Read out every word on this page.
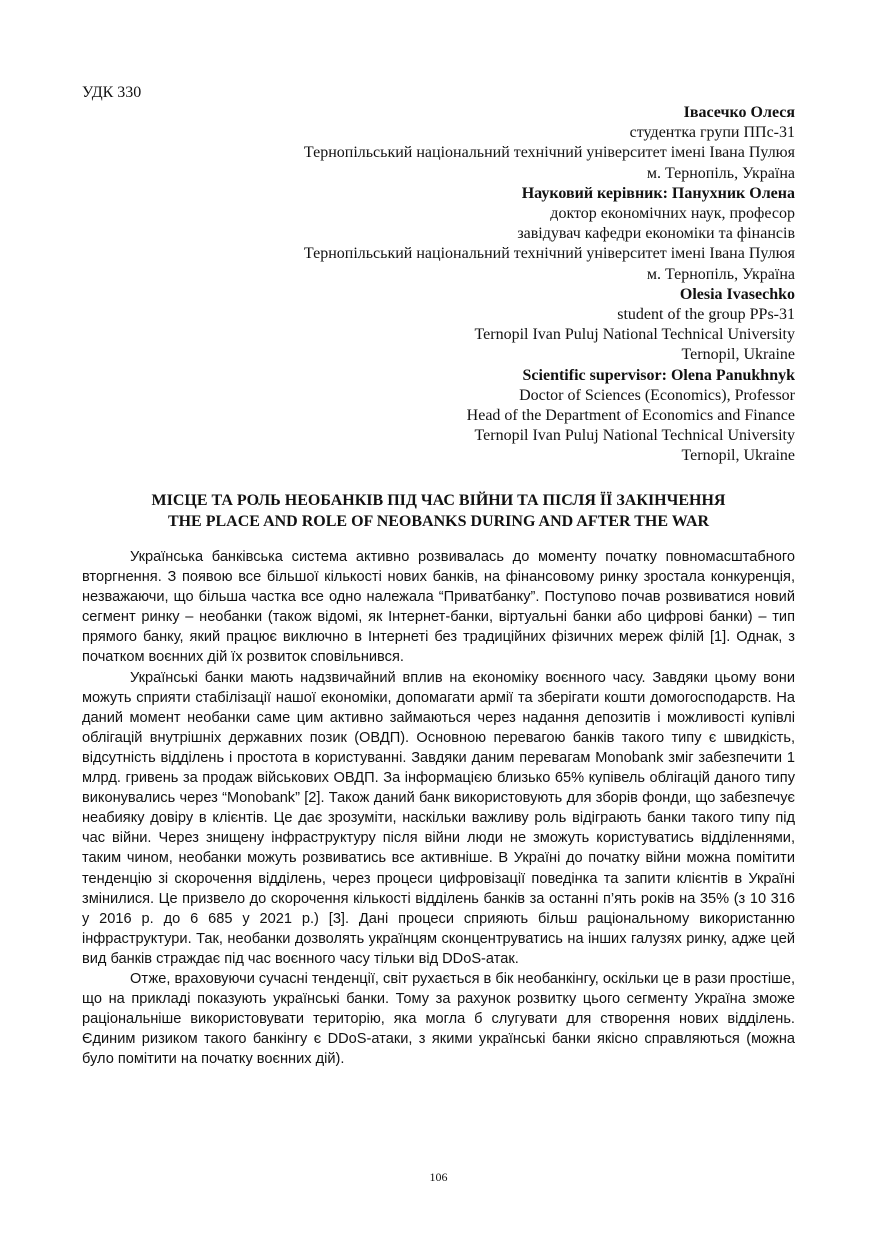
УДК 330
Івасечко Олеся
студентка групи ППс-31
Тернопільський національний технічний університет імені Івана Пулюя
м. Тернопіль, Україна
Науковий керівник: Панухник Олена
доктор економічних наук, професор
завідувач кафедри економіки та фінансів
Тернопільський національний технічний університет імені Івана Пулюя
м. Тернопіль, Україна
Olesia Ivasechko
student of the group PPs-31
Ternopil Ivan Puluj National Technical University
Ternopil, Ukraine
Scientific supervisor: Olena Panukhnyk
Doctor of Sciences (Economics), Professor
Head of the Department of Economics and Finance
Ternopil Ivan Puluj National Technical University
Ternopil, Ukraine
МІСЦЕ ТА РОЛЬ НЕОБАНКІВ ПІД ЧАС ВІЙНИ ТА ПІСЛЯ ЇЇ ЗАКІНЧЕННЯ
THE PLACE AND ROLE OF NEOBANKS DURING AND AFTER THE WAR

Українська банківська система активно розвивалась до моменту початку повномасштабного вторгнення. З появою все більшої кількості нових банків, на фінансовому ринку зростала конкуренція, незважаючи, що більша частка все одно належала “Приватбанку”. Поступово почав розвиватися новий сегмент ринку – необанки (також відомі, як Інтернет-банки, віртуальні банки або цифрові банки) – тип прямого банку, який працює виключно в Інтернеті без традиційних фізичних мереж філій [1]. Однак, з початком воєнних дій їх розвиток сповільнився.

Українські банки мають надзвичайний вплив на економіку воєнного часу. Завдяки цьому вони можуть сприяти стабілізації нашої економіки, допомагати армії та зберігати кошти домогосподарств. На даний момент необанки саме цим активно займаються через надання депозитів і можливості купівлі облігацій внутрішніх державних позик (ОВДП). Основною перевагою банків такого типу є швидкість, відсутність відділень і простота в користуванні. Завдяки даним перевагам Monobank зміг забезпечити 1 млрд. гривень за продаж військових ОВДП. За інформацією близько 65% купівель облігацій даного типу виконувались через “Monobank” [2]. Також даний банк використовують для зборів фонди, що забезпечує неабияку довіру в клієнтів. Це дає зрозуміти, наскільки важливу роль відіграють банки такого типу під час війни. Через знищену інфраструктуру після війни люди не зможуть користуватись відділеннями, таким чином, необанки можуть розвиватись все активніше. В Україні до початку війни можна помітити тенденцію зі скорочення відділень, через процеси цифровізації поведінка та запити клієнтів в Україні змінилися. Це призвело до скорочення кількості відділень банків за останні п’ять років на 35% (з 10 316 у 2016 р. до 6 685 у 2021 р.) [3]. Дані процеси сприяють більш раціональному використанню інфраструктури. Так, необанки дозволять українцям сконцентруватись на інших галузях ринку, адже цей вид банків страждає під час воєнного часу тільки від DDoS-атак.

Отже, враховуючи сучасні тенденції, світ рухається в бік необанкінгу, оскільки це в рази простіше, що на прикладі показують українські банки. Тому за рахунок розвитку цього сегменту Україна зможе раціональніше використовувати територію, яка могла б слугувати для створення нових відділень. Єдиним ризиком такого банкінгу є DDoS-атаки, з якими українські банки якісно справляються (можна було помітити на початку воєнних дій).

106
